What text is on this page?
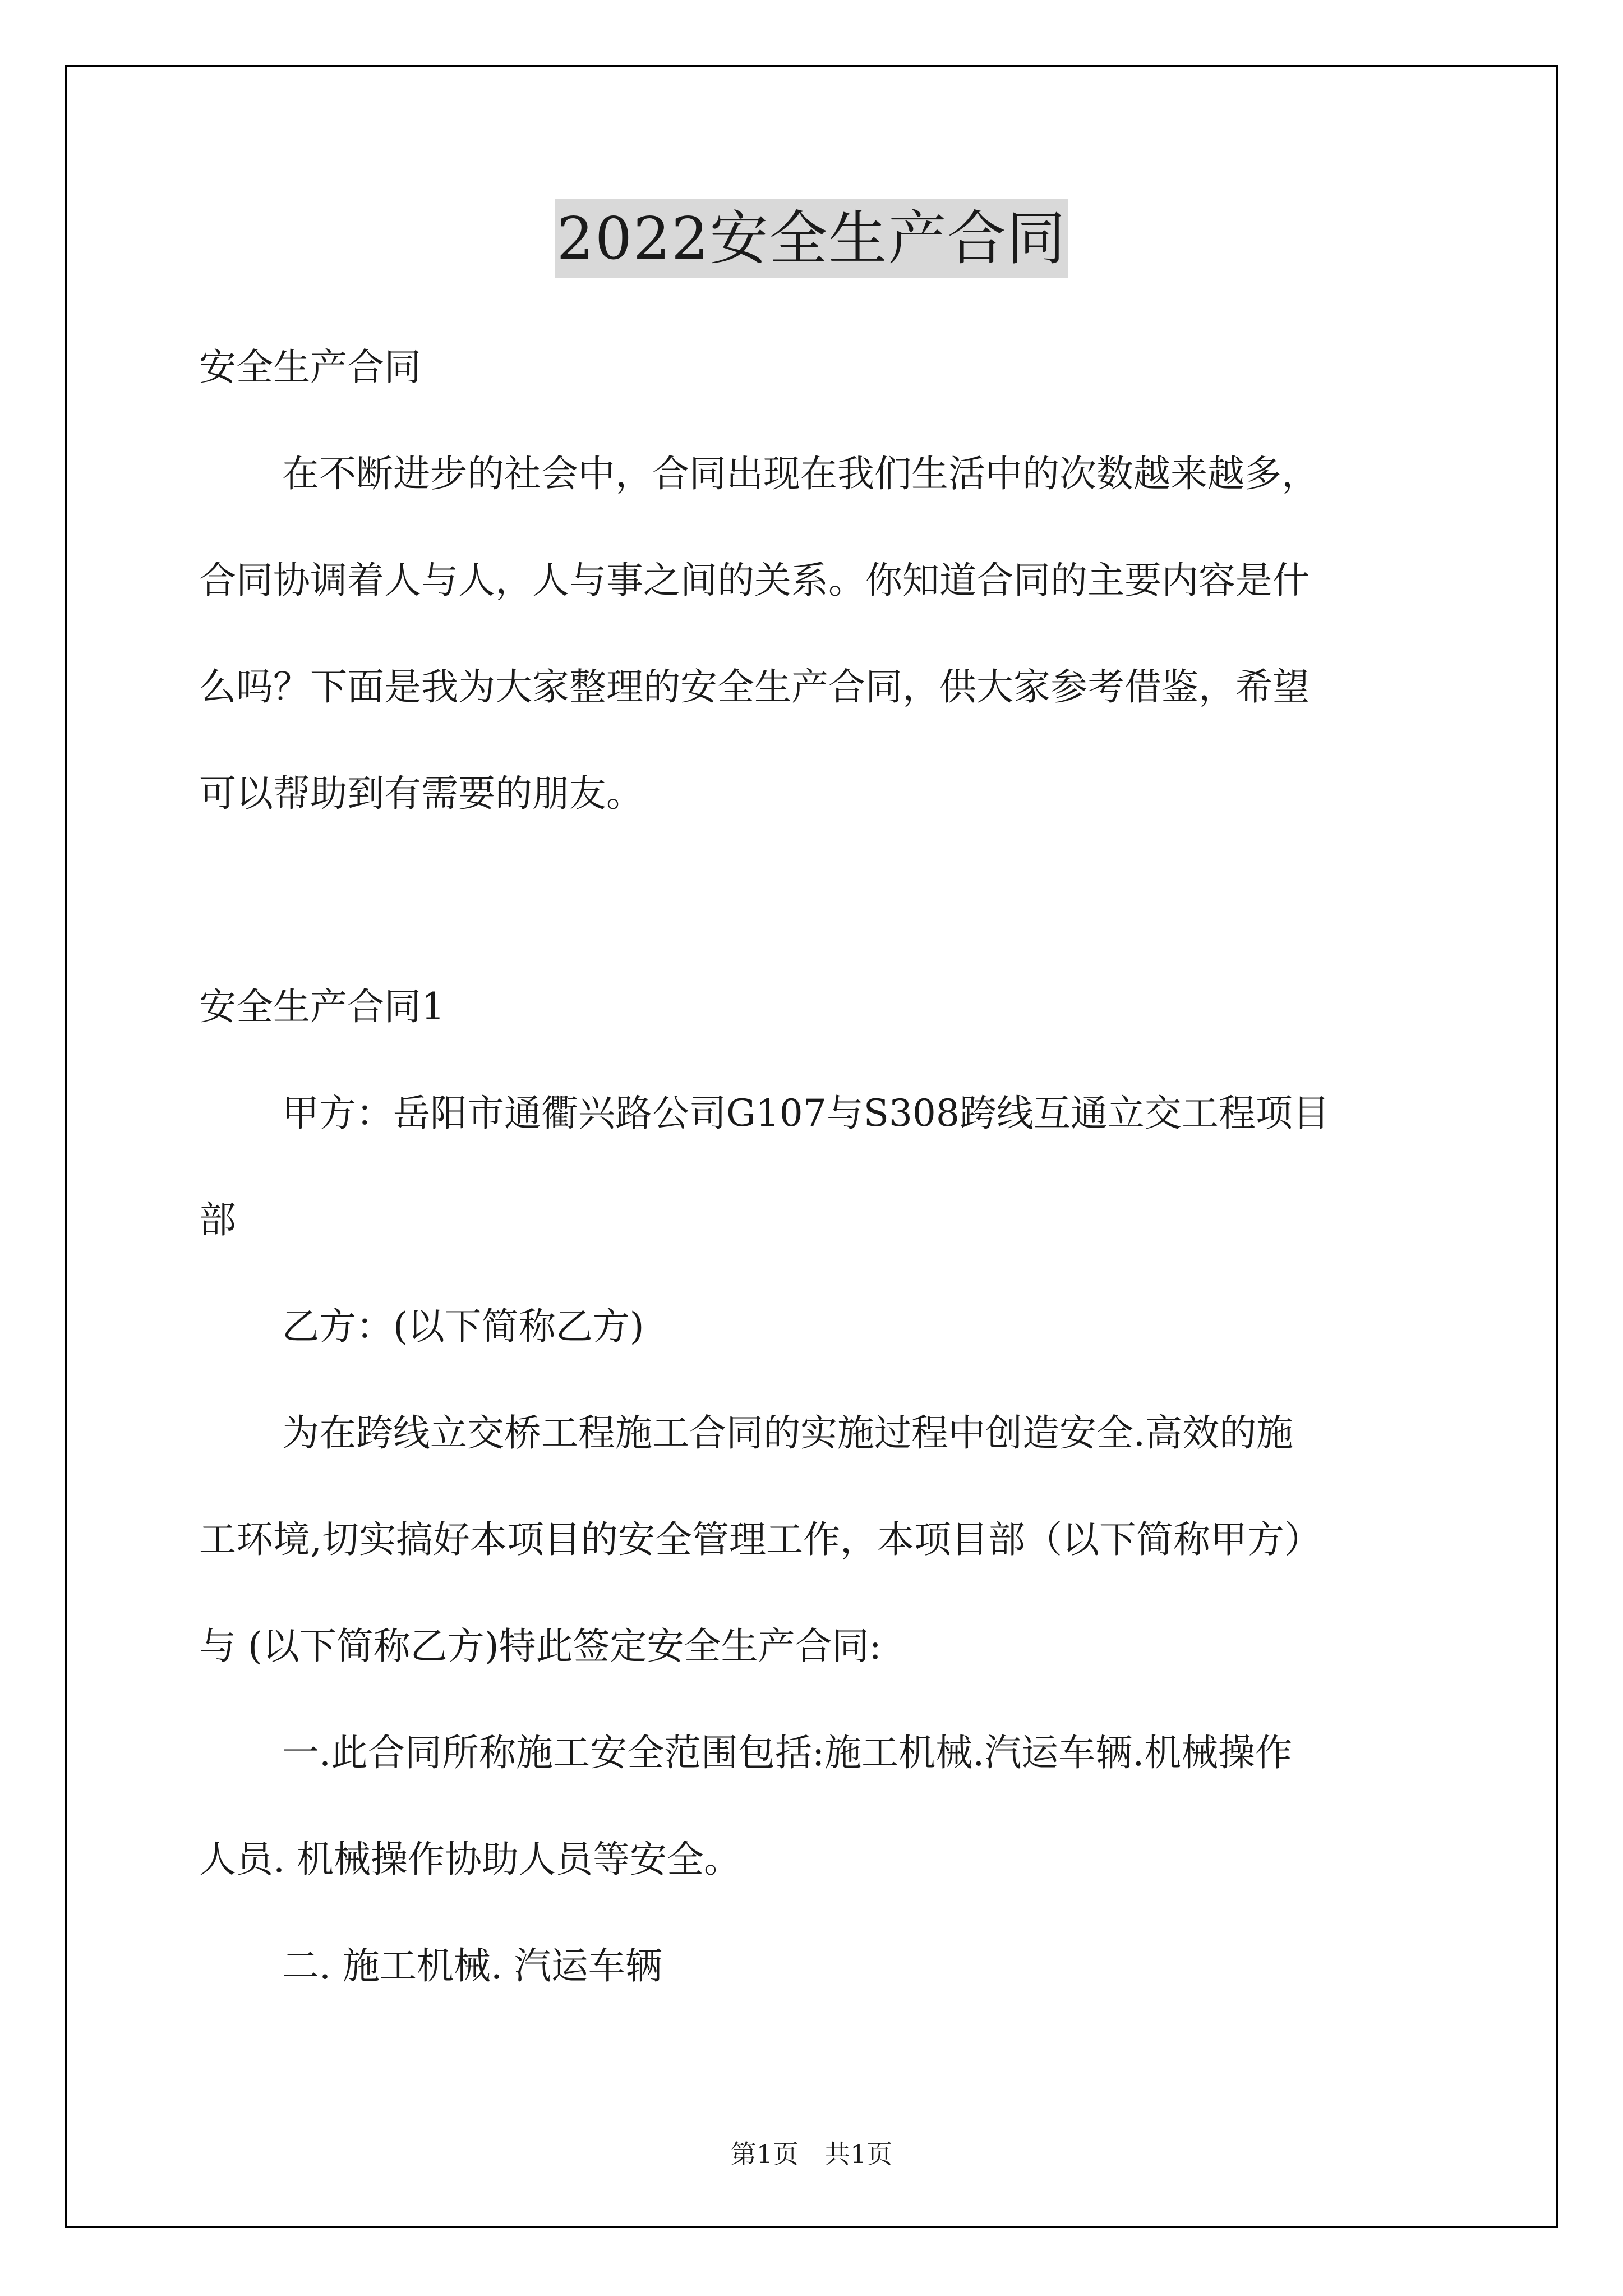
2022安全生产合同

安全生产合同

在不断进步的社会中，合同出现在我们生活中的次数越来越多，

合同协调着人与人，人与事之间的关系。你知道合同的主要内容是什

么吗？下面是我为大家整理的安全生产合同，供大家参考借鉴，希望

可以帮助到有需要的朋友。

安全生产合同1

甲方：岳阳市通衢兴路公司G107与S308跨线互通立交工程项目

部

乙方：(以下简称乙方)

为在跨线立交桥工程施工合同的实施过程中创造安全.高效的施

工环境,切实搞好本项目的安全管理工作，本项目部（以下简称甲方）

与 (以下简称乙方)特此签定安全生产合同:

一.此合同所称施工安全范围包括:施工机械.汽运车辆.机械操作

人员. 机械操作协助人员等安全。

二. 施工机械. 汽运车辆

第1页　共1页
